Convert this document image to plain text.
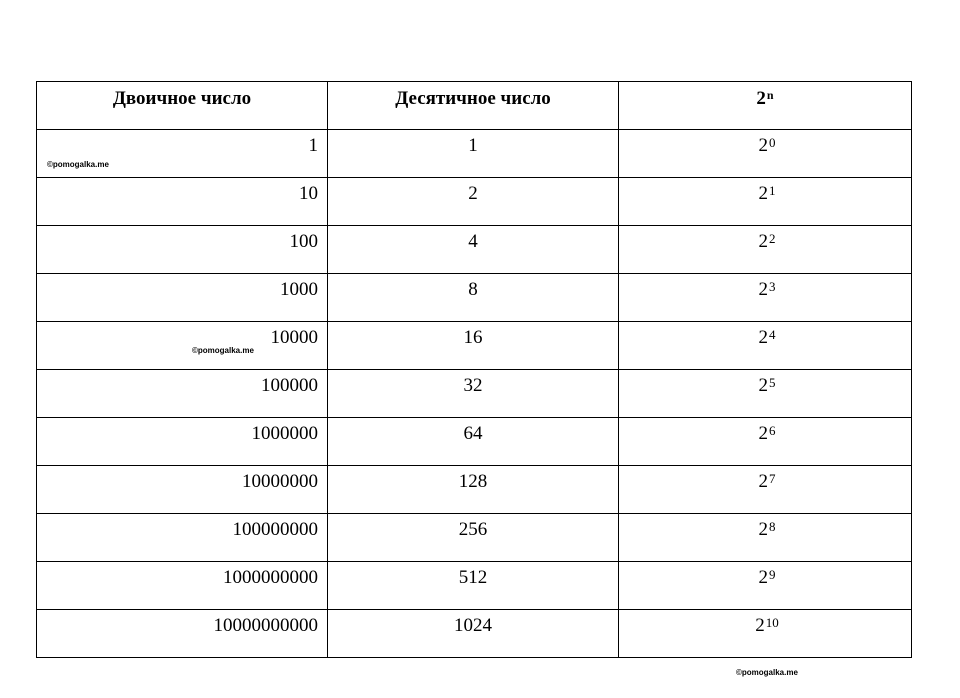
Двоичное число	Десятичное число	2$^n$
1	1	$2^0$
10	2	$2^1$
100	4	$2^2$
1000	8	$2^3$
10000	16	$2^4$
100000	32	$2^5$
1000000	64	$2^6$
10000000	128	$2^7$
100000000	256	$2^8$
1000000000	512	$2^9$
10000000000	1024	$2^{10}$
©pomogalka.me
©pomogalka.me
©pomogalka.me
